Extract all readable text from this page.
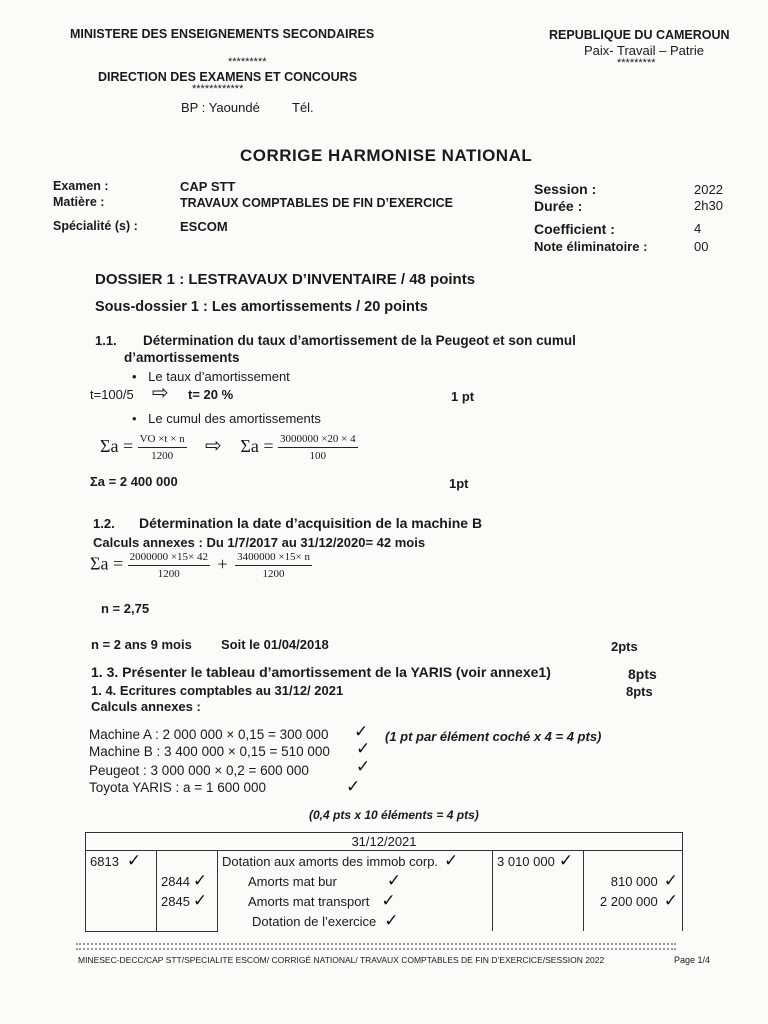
MINISTERE DES ENSEIGNEMENTS SECONDAIRES
*********
DIRECTION DES EXAMENS ET CONCOURS
************
BP : Yaoundé Tél.
REPUBLIQUE DU CAMEROUN
Paix- Travail – Patrie
*********
CORRIGE HARMONISE NATIONAL
Examen :	CAP STT
Matière :	TRAVAUX COMPTABLES DE FIN D’EXERCICE
Spécialité (s) :	ESCOM
Session :	2022
Durée :	2h30
Coefficient :	4
Note éliminatoire :	00
DOSSIER 1 : LESTRAVAUX D’INVENTAIRE / 48 points
Sous-dossier 1 : Les amortissements / 20 points
1.1. Détermination du taux d’amortissement de la Peugeot et son cumul
d’amortissements
• Le taux d’amortissement
t=100/5 ⇨ t= 20 %	1 pt
• Le cumul des amortissements
$\Sigma a = \frac{VO \times t \times n}{1200}$ ⇨ $\Sigma a = \frac{3000000 \times 20 \times 4}{100}$
Σa = 2 400 000	1pt
1.2. Détermination la date d’acquisition de la machine B
Calculs annexes : Du 1/7/2017 au 31/12/2020= 42 mois
$\Sigma a = \frac{2000000 \times 15\times 42}{1200} + \frac{3400000 \times 15\times n}{1200}$
n = 2,75
n = 2 ans 9 mois Soit le 01/04/2018	2pts
1. 3. Présenter le tableau d’amortissement de la YARIS (voir annexe1)	8pts
1. 4. Ecritures comptables au 31/12/ 2021	8pts
Calculs annexes :
Machine A : 2 000 000 × 0,15 = 300 000 ✓ (1 pt par élément coché x 4 = 4 pts)
Machine B : 3 400 000 × 0,15 = 510 000 ✓
Peugeot : 3 000 000 × 0,2 = 600 000	✓
Toyota YARIS : a = 1 600 000	✓
(0,4 pts x 10 éléments = 4 pts)
31/12/2021				
6813 ✓		Dotation aux amorts des immob corp. ✓	3 010 000 ✓	
	2844 ✓	Amorts mat bur ✓		810 000 ✓
	2845 ✓	Amorts mat transport ✓		2 200 000 ✓
		Dotation de l’exercice ✓		
MINESEC-DECC/CAP STT/SPECIALITE ESCOM/ CORRIGÉ NATIONAL/ TRAVAUX COMPTABLES DE FIN D’EXERCICE/SESSION 2022	Page 1/4
